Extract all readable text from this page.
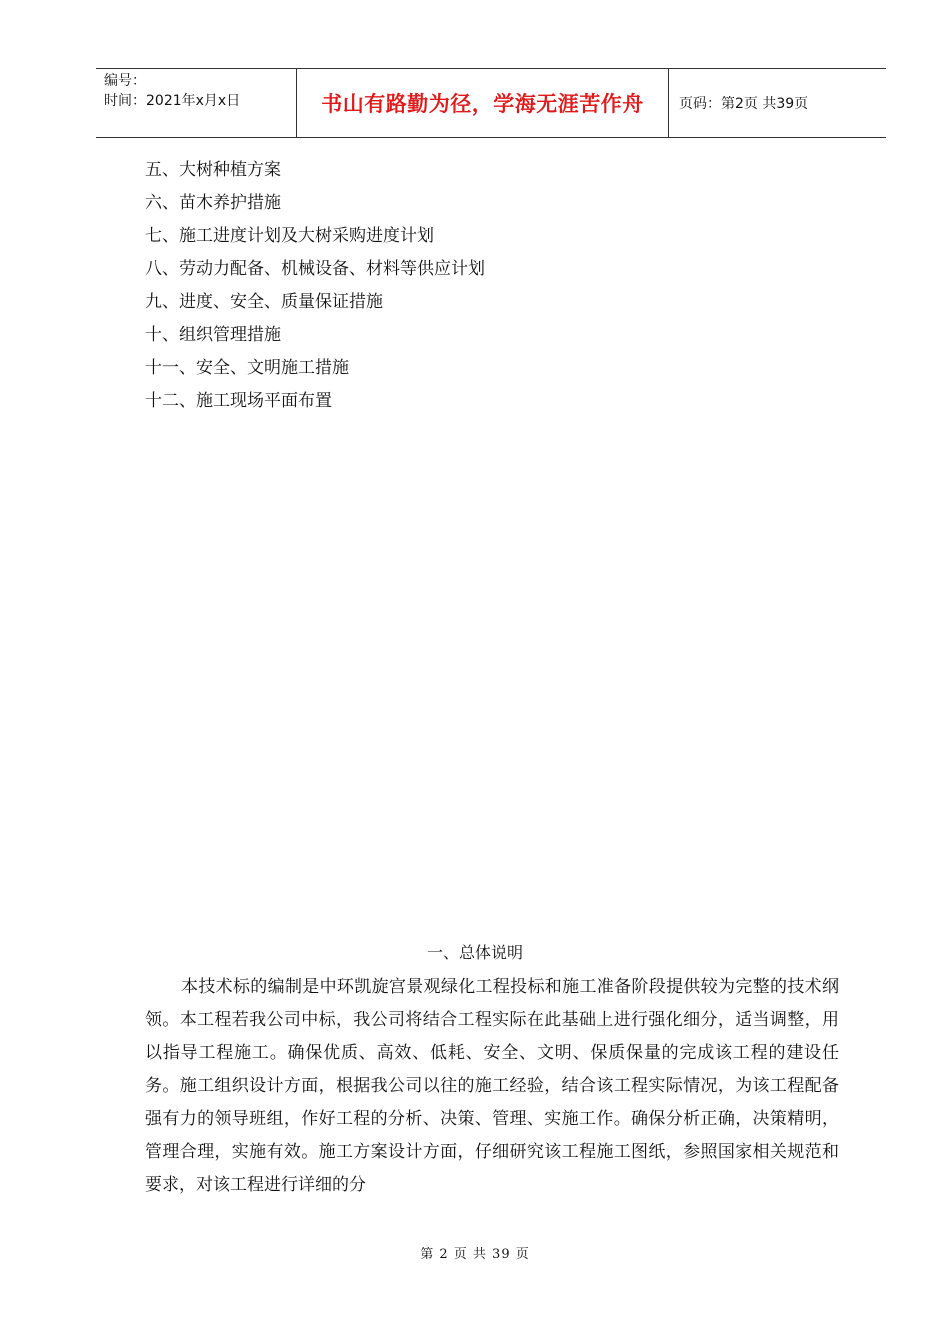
编号：
时间：2021年x月x日	书山有路勤为径，学海无涯苦作舟	页码：第2页 共39页
五、大树种植方案
六、苗木养护措施
七、施工进度计划及大树采购进度计划
八、劳动力配备、机械设备、材料等供应计划
九、进度、安全、质量保证措施
十、组织管理措施
十一、安全、文明施工措施
十二、施工现场平面布置
一、总体说明

本技术标的编制是中环凯旋宫景观绿化工程投标和施工准备阶段提供较为完整的技术纲领。本工程若我公司中标，我公司将结合工程实际在此基础上进行强化细分，适当调整，用以指导工程施工。确保优质、高效、低耗、安全、文明、保质保量的完成该工程的建设任务。施工组织设计方面，根据我公司以往的施工经验，结合该工程实际情况，为该工程配备强有力的领导班组，作好工程的分析、决策、管理、实施工作。确保分析正确，决策精明，管理合理，实施有效。施工方案设计方面，仔细研究该工程施工图纸，参照国家相关规范和要求，对该工程进行详细的分

第 2 页 共 39 页
